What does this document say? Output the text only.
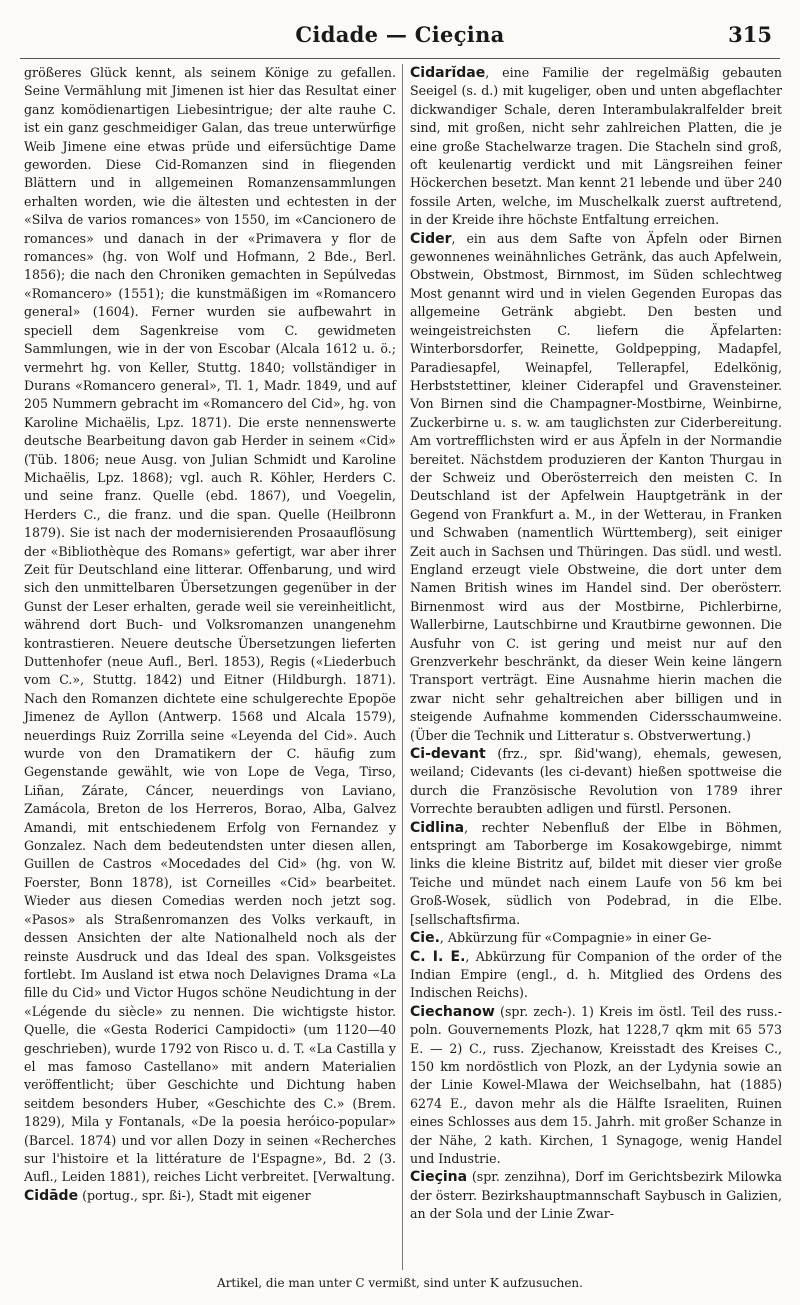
Cidade — Cieçina	315

größeres Glück kennt, als seinem Könige zu gefallen. Seine Vermählung mit Jimenen ist hier das Resultat einer ganz komödienartigen Liebesintrigue; der alte rauhe C. ist ein ganz geschmeidiger Galan, das treue unterwürfige Weib Jimene eine etwas prüde und eifersüchtige Dame geworden. Diese Cid-Romanzen sind in fliegenden Blättern und in allgemeinen Romanzensammlungen erhalten worden, wie die ältesten und echtesten in der «Silva de varios romances» von 1550, im «Cancionero de romances» und danach in der «Primavera y flor de romances» (hg. von Wolf und Hofmann, 2 Bde., Berl. 1856); die nach den Chroniken gemachten in Sepúlvedas «Romancero» (1551); die kunstmäßigen im «Romancero general» (1604). Ferner wurden sie aufbewahrt in speciell dem Sagenkreise vom C. gewidmeten Sammlungen, wie in der von Escobar (Alcala 1612 u. ö.; vermehrt hg. von Keller, Stuttg. 1840; vollständiger in Durans «Romancero general», Tl. 1, Madr. 1849, und auf 205 Nummern gebracht im «Romancero del Cid», hg. von Karoline Michaëlis, Lpz. 1871). Die erste nennenswerte deutsche Bearbeitung davon gab Herder in seinem «Cid» (Tüb. 1806; neue Ausg. von Julian Schmidt und Karoline Michaëlis, Lpz. 1868); vgl. auch R. Köhler, Herders C. und seine franz. Quelle (ebd. 1867), und Voegelin, Herders C., die franz. und die span. Quelle (Heilbronn 1879). Sie ist nach der modernisierenden Prosaauflösung der «Bibliothèque des Romans» gefertigt, war aber ihrer Zeit für Deutschland eine litterar. Offenbarung, und wird sich den unmittelbaren Übersetzungen gegenüber in der Gunst der Leser erhalten, gerade weil sie vereinheitlicht, während dort Buch- und Volksromanzen unangenehm kontrastieren. Neuere deutsche Übersetzungen lieferten Duttenhofer (neue Aufl., Berl. 1853), Regis («Liederbuch vom C.», Stuttg. 1842) und Eitner (Hildburgh. 1871). Nach den Romanzen dichtete eine schulgerechte Epopöe Jimenez de Ayllon (Antwerp. 1568 und Alcala 1579), neuerdings Ruiz Zorrilla seine «Leyenda del Cid». Auch wurde von den Dramatikern der C. häufig zum Gegenstande gewählt, wie von Lope de Vega, Tirso, Liñan, Zárate, Cáncer, neuerdings von Laviano, Zamácola, Breton de los Herreros, Borao, Alba, Galvez Amandi, mit entschiedenem Erfolg von Fernandez y Gonzalez. Nach dem bedeutendsten unter diesen allen, Guillen de Castros «Mocedades del Cid» (hg. von W. Foerster, Bonn 1878), ist Corneilles «Cid» bearbeitet. Wieder aus diesen Comedias werden noch jetzt sog. «Pasos» als Straßenromanzen des Volks verkauft, in dessen Ansichten der alte Nationalheld noch als der reinste Ausdruck und das Ideal des span. Volksgeistes fortlebt. Im Ausland ist etwa noch Delavignes Drama «La fille du Cid» und Victor Hugos schöne Neudichtung in der «Légende du siècle» zu nennen. Die wichtigste histor. Quelle, die «Gesta Roderici Campidocti» (um 1120—40 geschrieben), wurde 1792 von Risco u. d. T. «La Castilla y el mas famoso Castellano» mit andern Materialien veröffentlicht; über Geschichte und Dichtung haben seitdem besonders Huber, «Geschichte des C.» (Brem. 1829), Mila y Fontanals, «De la poesia heróico-popular» (Barcel. 1874) und vor allen Dozy in seinen «Recherches sur l'histoire et la littérature de l'Espagne», Bd. 2 (3. Aufl., Leiden 1881), reiches Licht verbreitet. [Verwaltung.

Cidāde (portug., spr. ßi-), Stadt mit eigener

Cidarĭdae, eine Familie der regelmäßig gebauten Seeigel (s. d.) mit kugeliger, oben und unten abgeflachter dickwandiger Schale, deren Interambulakralfelder breit sind, mit großen, nicht sehr zahlreichen Platten, die je eine große Stachelwarze tragen. Die Stacheln sind groß, oft keulenartig verdickt und mit Längsreihen feiner Höckerchen besetzt. Man kennt 21 lebende und über 240 fossile Arten, welche, im Muschelkalk zuerst auftretend, in der Kreide ihre höchste Entfaltung erreichen.

Cider, ein aus dem Safte von Äpfeln oder Birnen gewonnenes weinähnliches Getränk, das auch Apfelwein, Obstwein, Obstmost, Birnmost, im Süden schlechtweg Most genannt wird und in vielen Gegenden Europas das allgemeine Getränk abgiebt. Den besten und weingeistreichsten C. liefern die Äpfelarten: Winterborsdorfer, Reinette, Goldpepping, Madapfel, Paradiesapfel, Weinapfel, Tellerapfel, Edelkönig, Herbststettiner, kleiner Ciderapfel und Gravensteiner. Von Birnen sind die Champagner-Mostbirne, Weinbirne, Zuckerbirne u. s. w. am tauglichsten zur Ciderbereitung. Am vortrefflichsten wird er aus Äpfeln in der Normandie bereitet. Nächstdem produzieren der Kanton Thurgau in der Schweiz und Oberösterreich den meisten C. In Deutschland ist der Apfelwein Hauptgetränk in der Gegend von Frankfurt a. M., in der Wetterau, in Franken und Schwaben (namentlich Württemberg), seit einiger Zeit auch in Sachsen und Thüringen. Das südl. und westl. England erzeugt viele Obstweine, die dort unter dem Namen British wines im Handel sind. Der oberösterr. Birnenmost wird aus der Mostbirne, Pichlerbirne, Wallerbirne, Lautschbirne und Krautbirne gewonnen. Die Ausfuhr von C. ist gering und meist nur auf den Grenzverkehr beschränkt, da dieser Wein keine längern Transport verträgt. Eine Ausnahme hierin machen die zwar nicht sehr gehaltreichen aber billigen und in steigende Aufnahme kommenden Cidersschaumweine. (Über die Technik und Litteratur s. Obstverwertung.)

Ci-devant (frz., spr. ßid'wang), ehemals, gewesen, weiland; Cidevants (les ci-devant) hießen spottweise die durch die Französische Revolution von 1789 ihrer Vorrechte beraubten adligen und fürstl. Personen.

Cidlina, rechter Nebenfluß der Elbe in Böhmen, entspringt am Taborberge im Kosakowgebirge, nimmt links die kleine Bistritz auf, bildet mit dieser vier große Teiche und mündet nach einem Laufe von 56 km bei Groß-Wosek, südlich von Podebrad, in die Elbe. [sellschaftsfirma.

Cie., Abkürzung für «Compagnie» in einer Ge-

C. I. E., Abkürzung für Companion of the order of the Indian Empire (engl., d. h. Mitglied des Ordens des Indischen Reichs).

Ciechanow (spr. zech-). 1) Kreis im östl. Teil des russ.-poln. Gouvernements Plozk, hat 1228,7 qkm mit 65 573 E. — 2) C., russ. Zjechanow, Kreisstadt des Kreises C., 150 km nordöstlich von Plozk, an der Lydynia sowie an der Linie Kowel-Mlawa der Weichselbahn, hat (1885) 6274 E., davon mehr als die Hälfte Israeliten, Ruinen eines Schlosses aus dem 15. Jahrh. mit großer Schanze in der Nähe, 2 kath. Kirchen, 1 Synagoge, wenig Handel und Industrie.

Cieçina (spr. zenzihna), Dorf im Gerichtsbezirk Milowka der österr. Bezirkshauptmannschaft Saybusch in Galizien, an der Sola und der Linie Zwar-

Artikel, die man unter C vermißt, sind unter K aufzusuchen.
